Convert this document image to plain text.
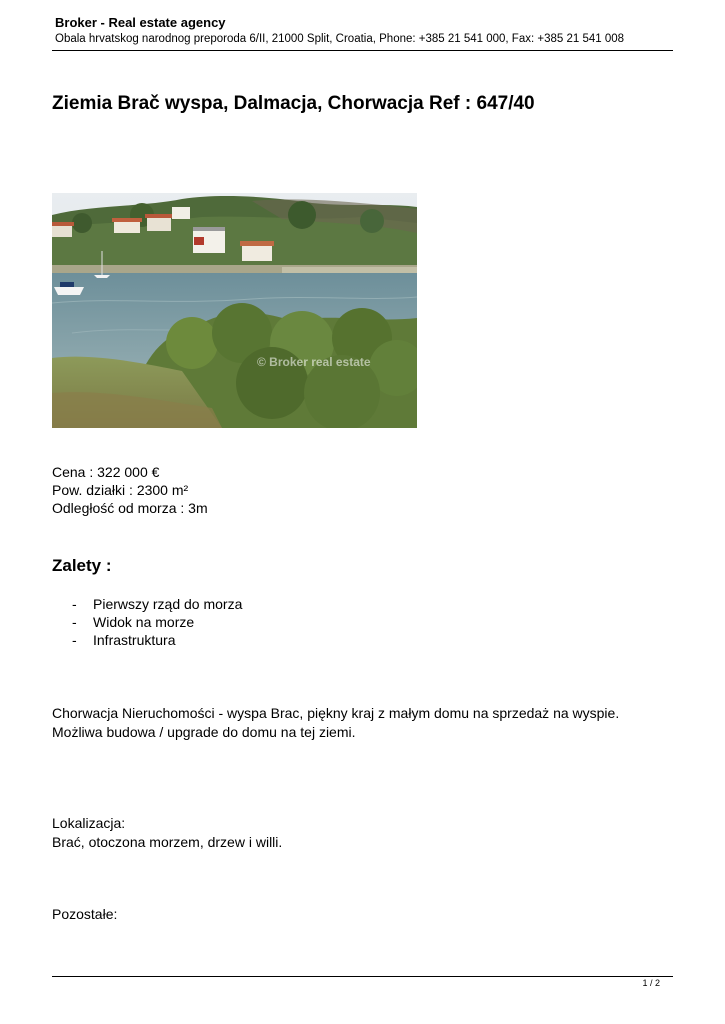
Broker - Real estate agency
Obala hrvatskog narodnog preporoda 6/II, 21000 Split, Croatia, Phone: +385 21 541 000, Fax: +385 21 541 008
Ziemia Brač wyspa, Dalmacja, Chorwacja Ref : 647/40
© Broker real estate
Cena : 322 000 €
Pow. działki : 2300 m²
Odległość od morza : 3m
Zalety :
- Pierwszy rząd do morza
- Widok na morze
- Infrastruktura
Chorwacja Nieruchomości - wyspa Brac, piękny kraj z małym domu na sprzedaż na wyspie.
Możliwa budowa / upgrade do domu na tej ziemi.
Lokalizacja:
Brać, otoczona morzem, drzew i willi.
Pozostałe:
1 / 2
